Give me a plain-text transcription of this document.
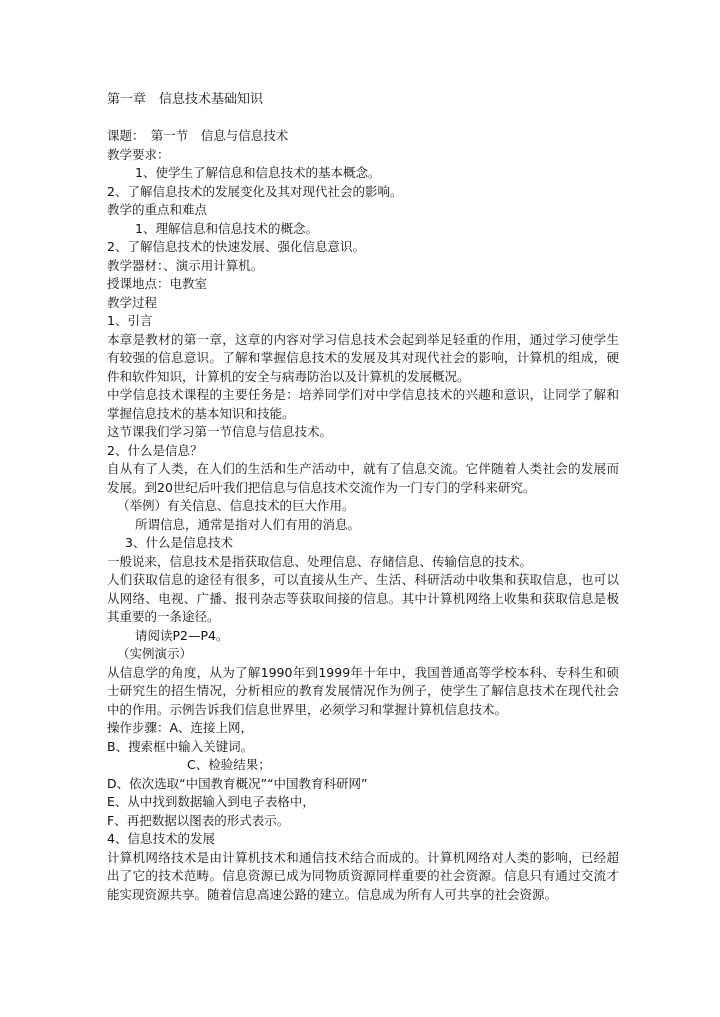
第一章　信息技术基础知识
课题：　第一节　信息与信息技术
教学要求：
1、使学生了解信息和信息技术的基本概念。
2、了解信息技术的发展变化及其对现代社会的影响。
教学的重点和难点
1、理解信息和信息技术的概念。
2、了解信息技术的快速发展、强化信息意识。
教学器材：、演示用计算机。
授课地点：电教室
教学过程
1、引言
本章是教材的第一章，这章的内容对学习信息技术会起到举足轻重的作用，通过学习使学生有较强的信息意识。了解和掌握信息技术的发展及其对现代社会的影响，计算机的组成，硬件和软件知识，计算机的安全与病毒防治以及计算机的发展概况。
中学信息技术课程的主要任务是：培养同学们对中学信息技术的兴趣和意识，让同学了解和掌握信息技术的基本知识和技能。
这节课我们学习第一节信息与信息技术。
2、什么是信息？
自从有了人类，在人们的生活和生产活动中，就有了信息交流。它伴随着人类社会的发展而发展。到20世纪后叶我们把信息与信息技术交流作为一门专门的学科来研究。
（举例）有关信息、信息技术的巨大作用。
所谓信息，通常是指对人们有用的消息。
3、什么是信息技术
一般说来，信息技术是指获取信息、处理信息、存储信息、传输信息的技术。
人们获取信息的途径有很多，可以直接从生产、生活、科研活动中收集和获取信息，也可以从网络、电视、广播、报刊杂志等获取间接的信息。其中计算机网络上收集和获取信息是极其重要的一条途径。
请阅读P2—P4。
（实例演示）
从信息学的角度，从为了解1990年到1999年十年中，我国普通高等学校本科、专科生和硕士研究生的招生情况，分析相应的教育发展情况作为例子，使学生了解信息技术在现代社会中的作用。示例告诉我们信息世界里，必须学习和掌握计算机信息技术。
操作步骤：A、连接上网，
B、搜索框中输入关键词。
C、检验结果；
D、依次选取“中国教育概况”“中国教育科研网”
E、从中找到数据输入到电子表格中，
F、再把数据以图表的形式表示。
4、信息技术的发展
计算机网络技术是由计算机技术和通信技术结合而成的。计算机网络对人类的影响，已经超出了它的技术范畴。信息资源已成为同物质资源同样重要的社会资源。信息只有通过交流才能实现资源共享。随着信息高速公路的建立。信息成为所有人可共享的社会资源。
